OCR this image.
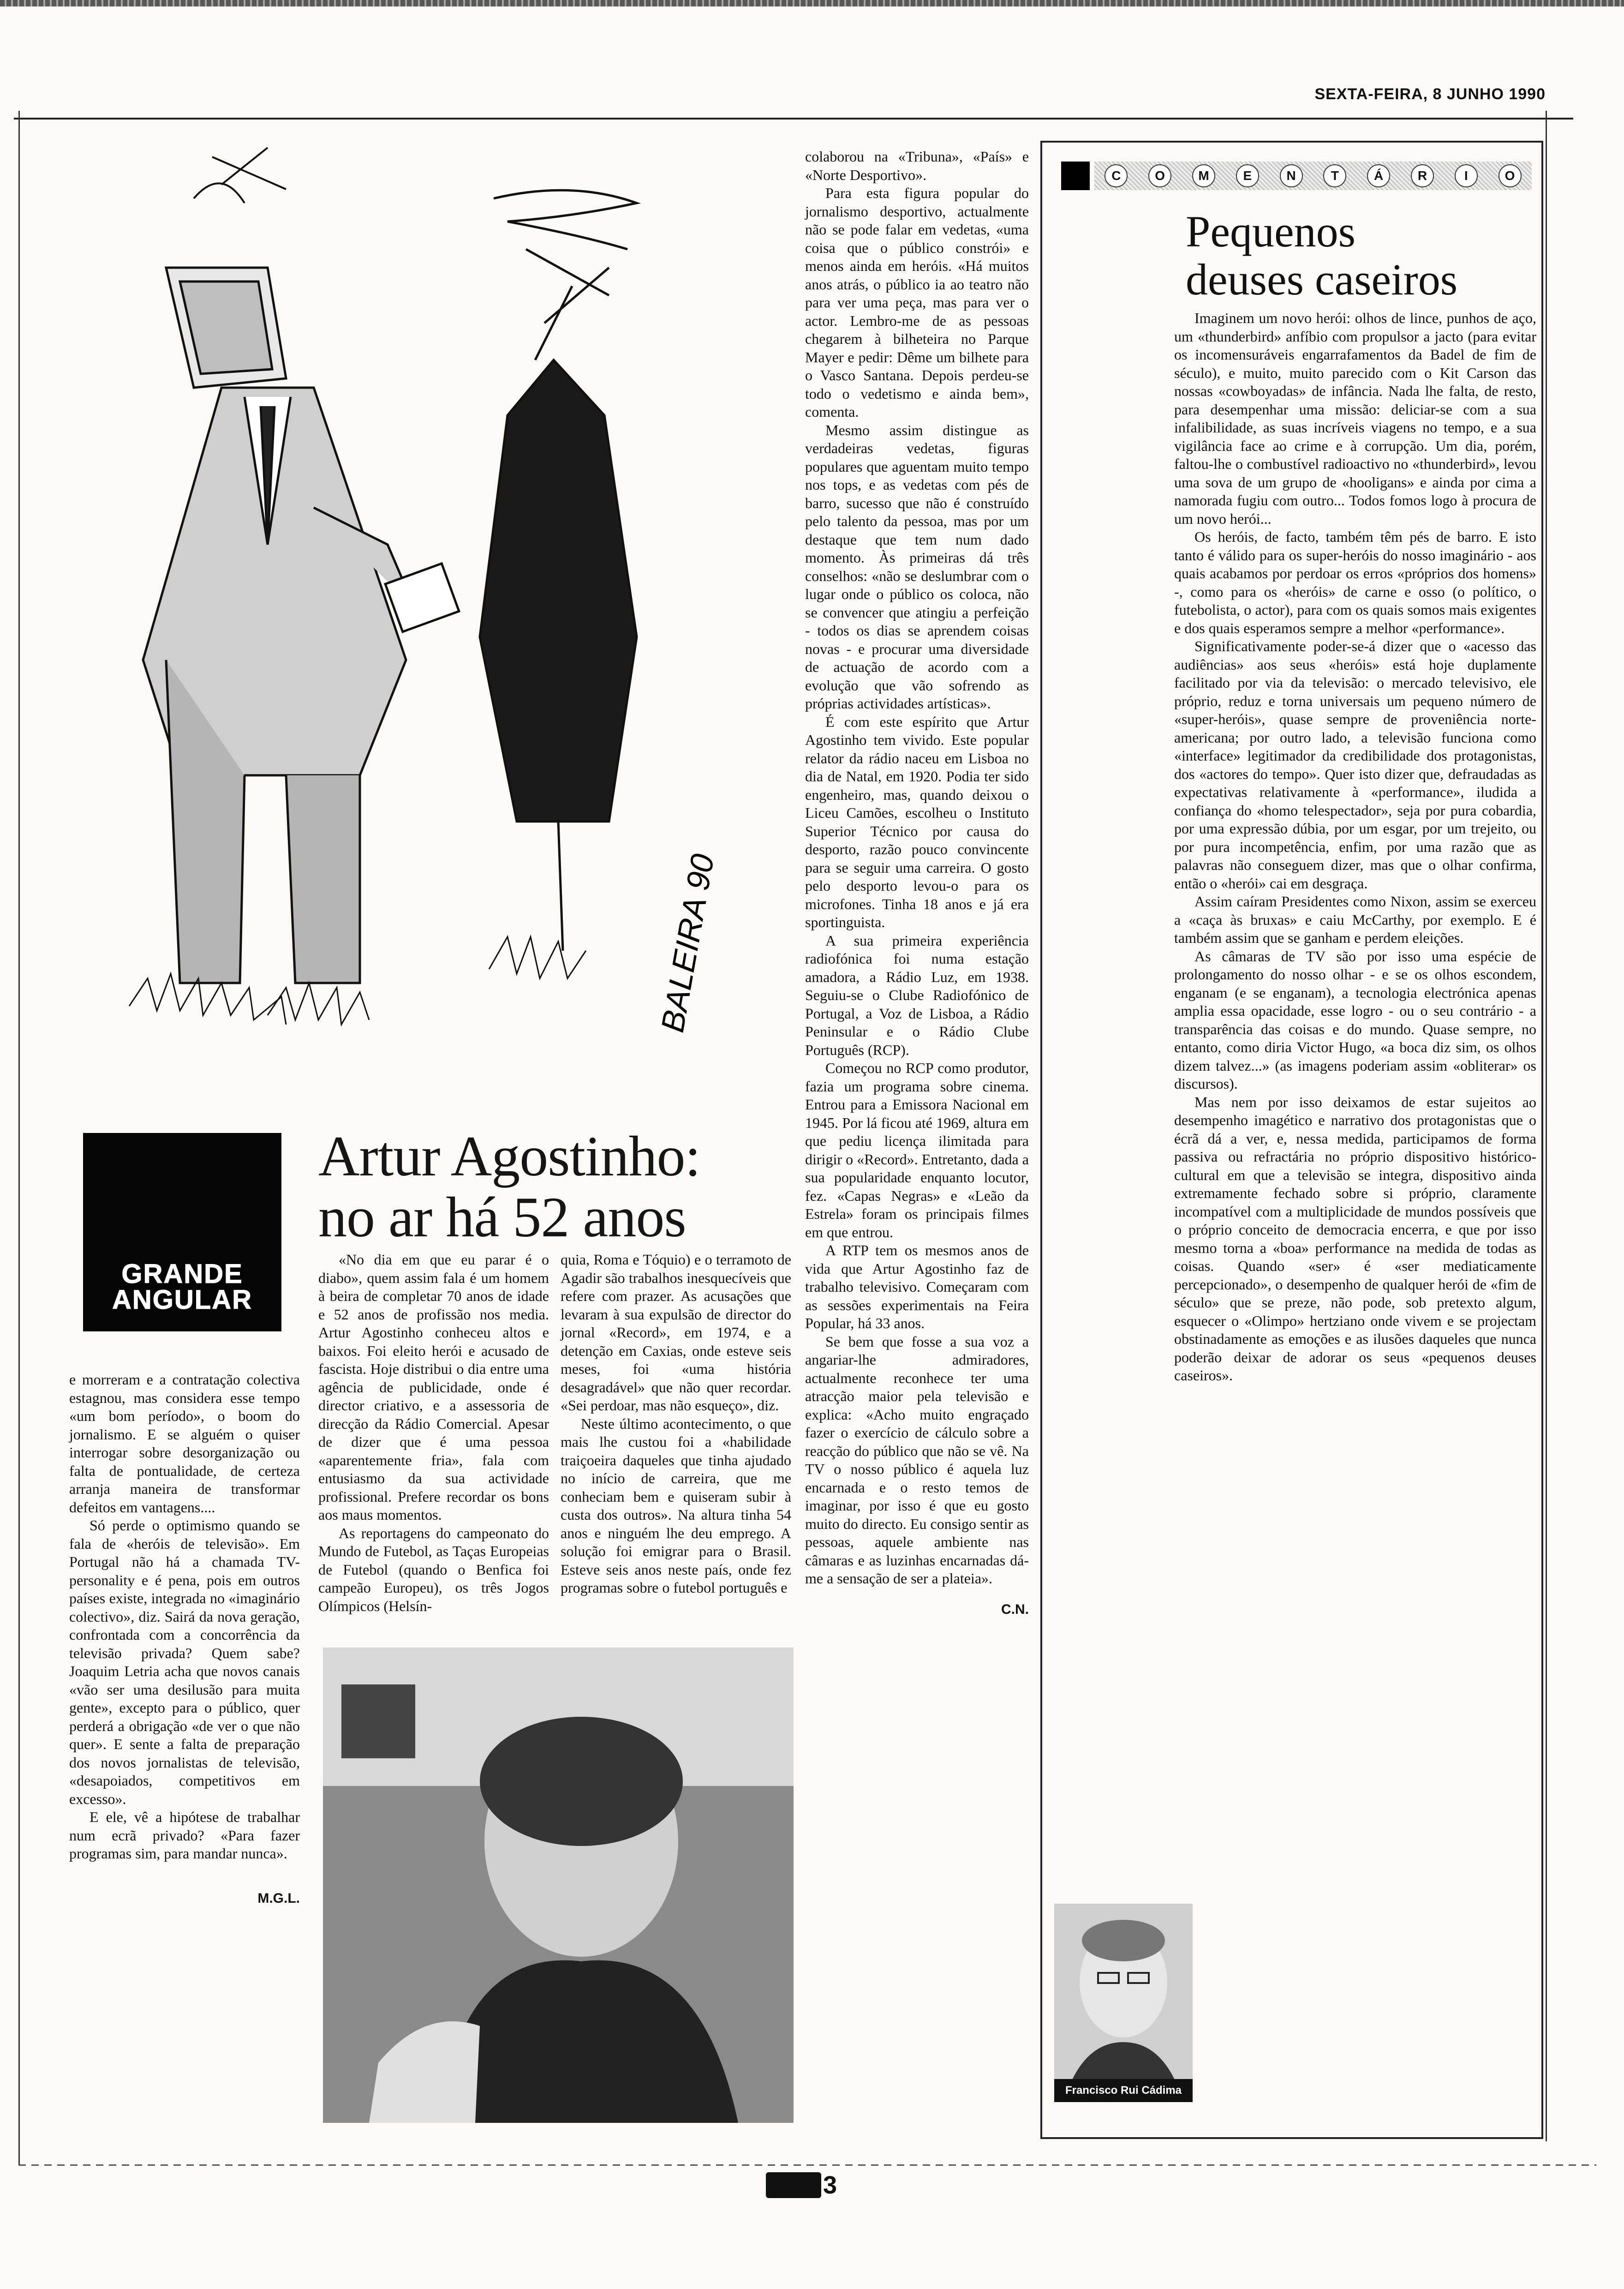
SEXTA-FEIRA, 8 JUNHO 1990
BALEIRA 90
GRANDE ANGULAR
Artur Agostinho:
no ar há 52 anos

e morreram e a contratação colectiva estagnou, mas considera esse tempo «um bom período», o boom do jornalismo. E se alguém o quiser interrogar sobre desorganização ou falta de pontualidade, de certeza arranja maneira de transformar defeitos em vantagens....

Só perde o optimismo quando se fala de «heróis de televisão». Em Portugal não há a chamada TV-personality e é pena, pois em outros países existe, integrada no «imaginário colectivo», diz. Sairá da nova geração, confrontada com a concorrência da televisão privada? Quem sabe? Joaquim Letria acha que novos canais «vão ser uma desilusão para muita gente», excepto para o público, quer perderá a obrigação «de ver o que não quer». E sente a falta de preparação dos novos jornalistas de televisão, «desapoiados, competitivos em excesso».

E ele, vê a hipótese de trabalhar num ecrã privado? «Para fazer programas sim, para mandar nunca».

M.G.L.

«No dia em que eu parar é o diabo», quem assim fala é um homem à beira de completar 70 anos de idade e 52 anos de profissão nos media. Artur Agostinho conheceu altos e baixos. Foi eleito herói e acusado de fascista. Hoje distribui o dia entre uma agência de publicidade, onde é director criativo, e a assessoria de direcção da Rádio Comercial. Apesar de dizer que é uma pessoa «aparentemente fria», fala com entusiasmo da sua actividade profissional. Prefere recordar os bons aos maus momentos.

As reportagens do campeonato do Mundo de Futebol, as Taças Europeias de Futebol (quando o Benfica foi campeão Europeu), os três Jogos Olímpicos (Helsín-

quia, Roma e Tóquio) e o terramoto de Agadir são trabalhos inesquecíveis que refere com prazer. As acusações que levaram à sua expulsão de director do jornal «Record», em 1974, e a detenção em Caxias, onde esteve seis meses, foi «uma história desagradável» que não quer recordar. «Sei perdoar, mas não esqueço», diz.

Neste último acontecimento, o que mais lhe custou foi a «habilidade traiçoeira daqueles que tinha ajudado no início de carreira, que me conheciam bem e quiseram subir à custa dos outros». Na altura tinha 54 anos e ninguém lhe deu emprego. A solução foi emigrar para o Brasil. Esteve seis anos neste país, onde fez programas sobre o futebol português e

colaborou na «Tribuna», «País» e «Norte Desportivo».

Para esta figura popular do jornalismo desportivo, actualmente não se pode falar em vedetas, «uma coisa que o público constrói» e menos ainda em heróis. «Há muitos anos atrás, o público ia ao teatro não para ver uma peça, mas para ver o actor. Lembro-me de as pessoas chegarem à bilheteira no Parque Mayer e pedir: Dême um bilhete para o Vasco Santana. Depois perdeu-se todo o vedetismo e ainda bem», comenta.

Mesmo assim distingue as verdadeiras vedetas, figuras populares que aguentam muito tempo nos tops, e as vedetas com pés de barro, sucesso que não é construído pelo talento da pessoa, mas por um destaque que tem num dado momento. Às primeiras dá três conselhos: «não se deslumbrar com o lugar onde o público os coloca, não se convencer que atingiu a perfeição - todos os dias se aprendem coisas novas - e procurar uma diversidade de actuação de acordo com a evolução que vão sofrendo as próprias actividades artísticas».

É com este espírito que Artur Agostinho tem vivido. Este popular relator da rádio naceu em Lisboa no dia de Natal, em 1920. Podia ter sido engenheiro, mas, quando deixou o Liceu Camões, escolheu o Instituto Superior Técnico por causa do desporto, razão pouco convincente para se seguir uma carreira. O gosto pelo desporto levou-o para os microfones. Tinha 18 anos e já era sportinguista.

A sua primeira experiência radiofónica foi numa estação amadora, a Rádio Luz, em 1938. Seguiu-se o Clube Radiofónico de Portugal, a Voz de Lisboa, a Rádio Peninsular e o Rádio Clube Português (RCP).

Começou no RCP como produtor, fazia um programa sobre cinema. Entrou para a Emissora Nacional em 1945. Por lá ficou até 1969, altura em que pediu licença ilimitada para dirigir o «Record». Entretanto, dada a sua popularidade enquanto locutor, fez. «Capas Negras» e «Leão da Estrela» foram os principais filmes em que entrou.

A RTP tem os mesmos anos de vida que Artur Agostinho faz de trabalho televisivo. Começaram com as sessões experimentais na Feira Popular, há 33 anos.

Se bem que fosse a sua voz a angariar-lhe admiradores, actualmente reconhece ter uma atracção maior pela televisão e explica: «Acho muito engraçado fazer o exercício de cálculo sobre a reacção do público que não se vê. Na TV o nosso público é aquela luz encarnada e o resto temos de imaginar, por isso é que eu gosto muito do directo. Eu consigo sentir as pessoas, aquele ambiente nas câmaras e as luzinhas encarnadas dá-me a sensação de ser a plateia».

C.N.
C	O	M	E	N	T	Á	R	I	O
Pequenos
deuses caseiros

Imaginem um novo herói: olhos de lince, punhos de aço, um «thunderbird» anfíbio com propulsor a jacto (para evitar os incomensuráveis engarrafamentos da Badel de fim de século), e muito, muito parecido com o Kit Carson das nossas «cowboyadas» de infância. Nada lhe falta, de resto, para desempenhar uma missão: deliciar-se com a sua infalibilidade, as suas incríveis viagens no tempo, e a sua vigilância face ao crime e à corrupção. Um dia, porém, faltou-lhe o combustível radioactivo no «thunderbird», levou uma sova de um grupo de «hooligans» e ainda por cima a namorada fugiu com outro... Todos fomos logo à procura de um novo herói...

Os heróis, de facto, também têm pés de barro. E isto tanto é válido para os super-heróis do nosso imaginário - aos quais acabamos por perdoar os erros «próprios dos homens» -, como para os «heróis» de carne e osso (o político, o futebolista, o actor), para com os quais somos mais exigentes e dos quais esperamos sempre a melhor «performance».

Significativamente poder-se-á dizer que o «acesso das audiências» aos seus «heróis» está hoje duplamente facilitado por via da televisão: o mercado televisivo, ele próprio, reduz e torna universais um pequeno número de «super-heróis», quase sempre de proveniência norte-americana; por outro lado, a televisão funciona como «interface» legitimador da credibilidade dos protagonistas, dos «actores do tempo». Quer isto dizer que, defraudadas as expectativas relativamente à «performance», iludida a confiança do «homo telespectador», seja por pura cobardia, por uma expressão dúbia, por um esgar, por um trejeito, ou por pura incompetência, enfim, por uma razão que as palavras não conseguem dizer, mas que o olhar confirma, então o «herói» cai em desgraça.

Assim caíram Presidentes como Nixon, assim se exerceu a «caça às bruxas» e caiu McCarthy, por exemplo. E é também assim que se ganham e perdem eleições.

As câmaras de TV são por isso uma espécie de prolongamento do nosso olhar - e se os olhos escondem, enganam (e se enganam), a tecnologia electrónica apenas amplia essa opacidade, esse logro - ou o seu contrário - a transparência das coisas e do mundo. Quase sempre, no entanto, como diria Victor Hugo, «a boca diz sim, os olhos dizem talvez...» (as imagens poderiam assim «obliterar» os discursos).

Mas nem por isso deixamos de estar sujeitos ao desempenho imagético e narrativo dos protagonistas que o écrã dá a ver, e, nessa medida, participamos de forma passiva ou refractária no próprio dispositivo histórico-cultural em que a televisão se integra, dispositivo ainda extremamente fechado sobre si próprio, claramente incompatível com a multiplicidade de mundos possíveis que o próprio conceito de democracia encerra, e que por isso mesmo torna a «boa» performance na medida de todas as coisas. Quando «ser» é «ser mediaticamente percepcionado», o desempenho de qualquer herói de «fim de século» que se preze, não pode, sob pretexto algum, esquecer o «Olimpo» hertziano onde vivem e se projectam obstinadamente as emoções e as ilusões daqueles que nunca poderão deixar de adorar os seus «pequenos deuses caseiros».

Francisco Rui Cádima
3
